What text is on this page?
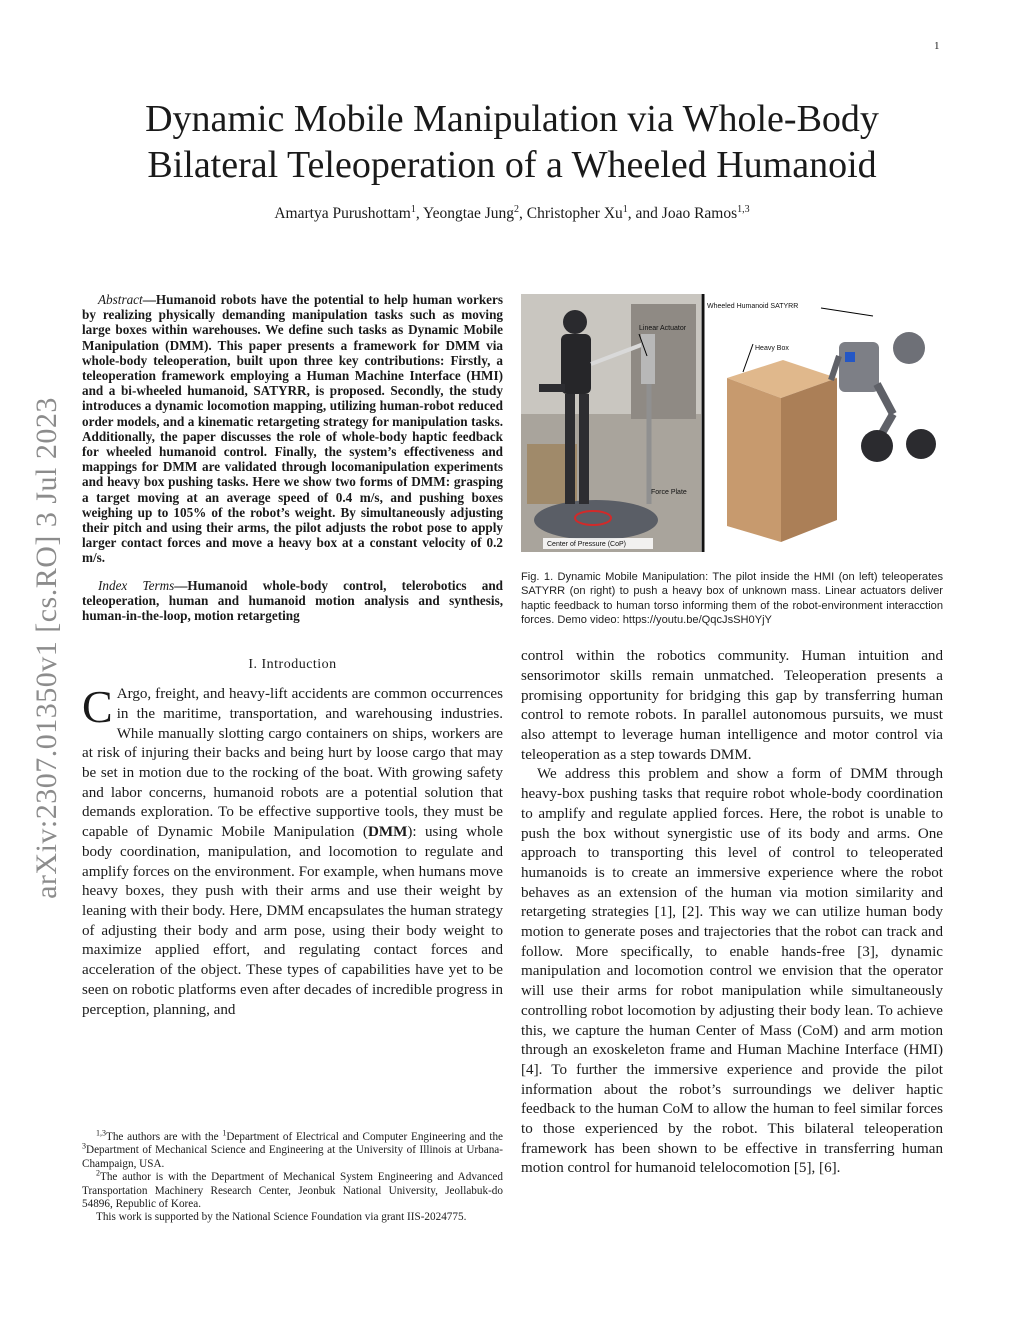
1
arXiv:2307.01350v1 [cs.RO] 3 Jul 2023
Dynamic Mobile Manipulation via Whole-Body
Bilateral Teleoperation of a Wheeled Humanoid
Amartya Purushottam$^1$, Yeongtae Jung$^2$, Christopher Xu$^1$, and Joao Ramos$^{1,3}$

Abstract—Humanoid robots have the potential to help human workers by realizing physically demanding manipulation tasks such as moving large boxes within warehouses. We define such tasks as Dynamic Mobile Manipulation (DMM). This paper presents a framework for DMM via whole-body teleoperation, built upon three key contributions: Firstly, a teleoperation framework employing a Human Machine Interface (HMI) and a bi-wheeled humanoid, SATYRR, is proposed. Secondly, the study introduces a dynamic locomotion mapping, utilizing human-robot reduced order models, and a kinematic retargeting strategy for manipulation tasks. Additionally, the paper discusses the role of whole-body haptic feedback for wheeled humanoid control. Finally, the system’s effectiveness and mappings for DMM are validated through locomanipulation experiments and heavy box pushing tasks. Here we show two forms of DMM: grasping a target moving at an average speed of 0.4 m/s, and pushing boxes weighing up to 105% of the robot’s weight. By simultaneously adjusting their pitch and using their arms, the pilot adjusts the robot pose to apply larger contact forces and move a heavy box at a constant velocity of 0.2 m/s.

Index Terms—Humanoid whole-body control, telerobotics and teleoperation, human and humanoid motion analysis and synthesis, human-in-the-loop, motion retargeting

I. Introduction

C Argo, freight, and heavy-lift accidents are common occurrences in the maritime, transportation, and warehousing industries. While manually slotting cargo containers on ships, workers are at risk of injuring their backs and being hurt by loose cargo that may be set in motion due to the rocking of the boat. With growing safety and labor concerns, humanoid robots are a potential solution that demands exploration. To be effective supportive tools, they must be capable of Dynamic Mobile Manipulation (DMM): using whole body coordination, manipulation, and locomotion to regulate and amplify forces on the environment. For example, when humans move heavy boxes, they push with their arms and use their weight by leaning with their body. Here, DMM encapsulates the human strategy of adjusting their body and arm pose, using their body weight to maximize applied effort, and regulating contact forces and acceleration of the object. These types of capabilities have yet to be seen on robotic platforms even after decades of incredible progress in perception, planning, and

$^{1,3}$The authors are with the $^1$Department of Electrical and Computer Engineering and the $^3$Department of Mechanical Science and Engineering at the University of Illinois at Urbana-Champaign, USA.

$^2$The author is with the Department of Mechanical System Engineering and Advanced Transportation Machinery Research Center, Jeonbuk National University, Jeollabuk-do 54896, Republic of Korea.

This work is supported by the National Science Foundation via grant IIS-2024775.

Linear Actuator
Force Plate
Center of Pressure (CoP)
Wheeled Humanoid SATYRR
Heavy Box

Fig. 1. Dynamic Mobile Manipulation: The pilot inside the HMI (on left) teleoperates SATYRR (on right) to push a heavy box of unknown mass. Linear actuators deliver haptic feedback to human torso informing them of the robot-environment interacction forces. Demo video: https://youtu.be/QqcJsSH0YjY

control within the robotics community. Human intuition and sensorimotor skills remain unmatched. Teleoperation presents a promising opportunity for bridging this gap by transferring human control to remote robots. In parallel autonomous pursuits, we must also attempt to leverage human intelligence and motor control via teleoperation as a step towards DMM.

We address this problem and show a form of DMM through heavy-box pushing tasks that require robot whole-body coordination to amplify and regulate applied forces. Here, the robot is unable to push the box without synergistic use of its body and arms. One approach to transporting this level of control to teleoperated humanoids is to create an immersive experience where the robot behaves as an extension of the human via motion similarity and retargeting strategies [1], [2]. This way we can utilize human body motion to generate poses and trajectories that the robot can track and follow. More specifically, to enable hands-free [3], dynamic manipulation and locomotion control we envision that the operator will use their arms for robot manipulation while simultaneously controlling robot locomotion by adjusting their body lean. To achieve this, we capture the human Center of Mass (CoM) and arm motion through an exoskeleton frame and Human Machine Interface (HMI) [4]. To further the immersive experience and provide the pilot information about the robot’s surroundings we deliver haptic feedback to the human CoM to allow the human to feel similar forces to those experienced by the robot. This bilateral teleoperation framework has been shown to be effective in transferring human motion control for humanoid telelocomotion [5], [6].
